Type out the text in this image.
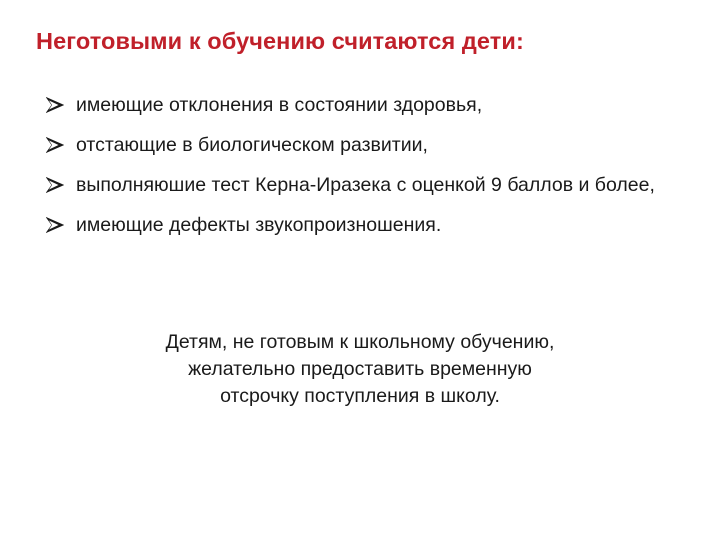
Неготовыми к обучению считаются дети:
имеющие отклонения в состоянии здоровья,
отстающие в биологическом развитии,
выполняюшие тест Керна-Иразека с оценкой 9 баллов и более,
имеющие дефекты звукопроизношения.

Детям, не готовым к школьному обучению,
желательно предоставить временную
отсрочку поступления в школу.
